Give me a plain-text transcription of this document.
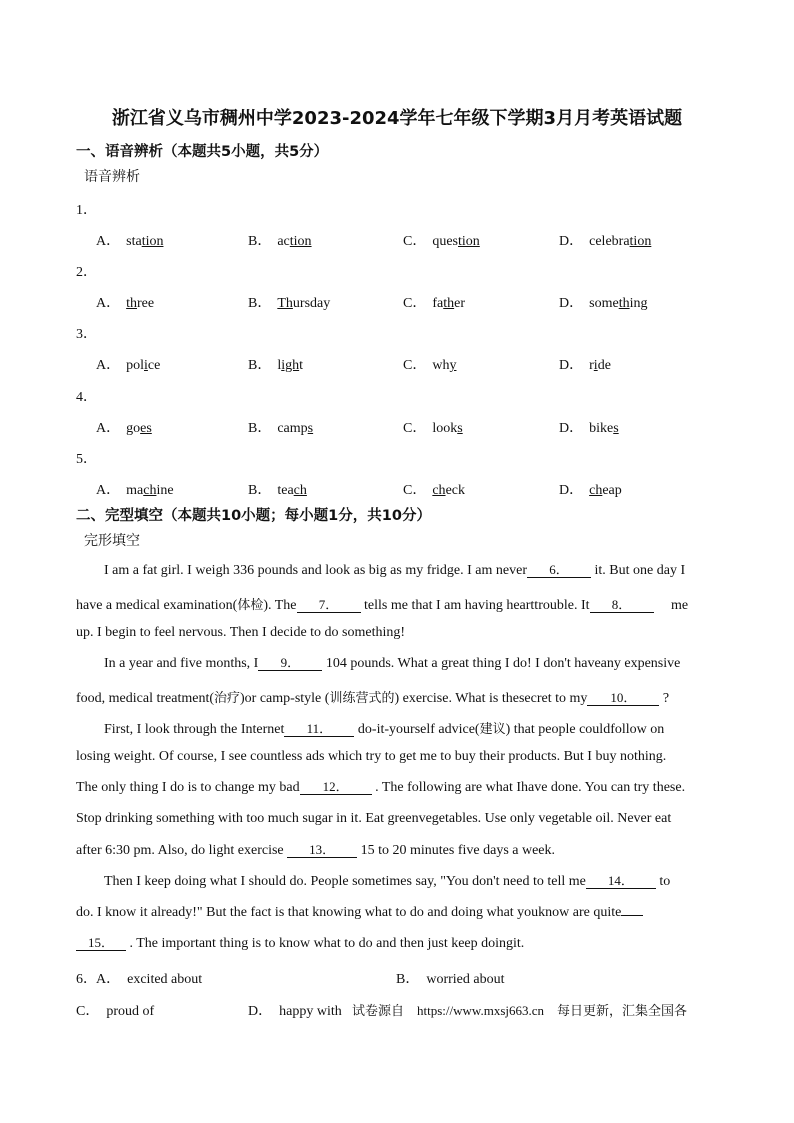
浙江省义乌市稠州中学2023-2024学年七年级下学期3月月考英语试题
一、语音辨析（本题共5小题，共5分）
语音辨析
1．
A． station	B． action	C． question	D． celebration
2．
A． three	B． Thursday	C． father	D． something
3．
A． police	B． light	C． why	D． ride
4．
A． goes	B． camps	C． looks	D． bikes
5．
A． machine	B． teach	C． check	D． cheap
二、完型填空（本题共10小题；每小题1分，共10分）
完形填空
I am a fat girl. I weigh 336 pounds and look as big as my fridge. I am never 6． it. But one day I
have a medical examination(体检). The 7． tells me that I am having hearttrouble. It 8．	me
up. I begin to feel nervous. Then I decide to do something!
In a year and five months, I 9． 104 pounds. What a great thing I do! I don't haveany expensive
food, medical treatment(治疗)or camp-style (训练营式的) exercise. What is thesecret to my 10． ?
First, I look through the Internet 11． do-it-yourself advice(建议) that people couldfollow on
losing weight. Of course, I see countless ads which try to get me to buy their products. But I buy nothing.
The only thing I do is to change my bad 12． . The following are what Ihave done. You can try these.
Stop drinking something with too much sugar in it. Eat greenvegetables. Use only vegetable oil. Never eat
after 6:30 pm. Also, do light exercise 13． 15 to 20 minutes five days a week.
Then I keep doing what I should do. People sometimes say, "You don't need to tell me 14． to
do. I know it already!" But the fact is that knowing what to do and doing what youknow are quite
15． . The important thing is to know what to do and then just keep doingit.
6． A． excited about	B． worried about
C． proud of	D． happy with 试卷源自 https://www.mxsj663.cn 每日更新，汇集全国各
